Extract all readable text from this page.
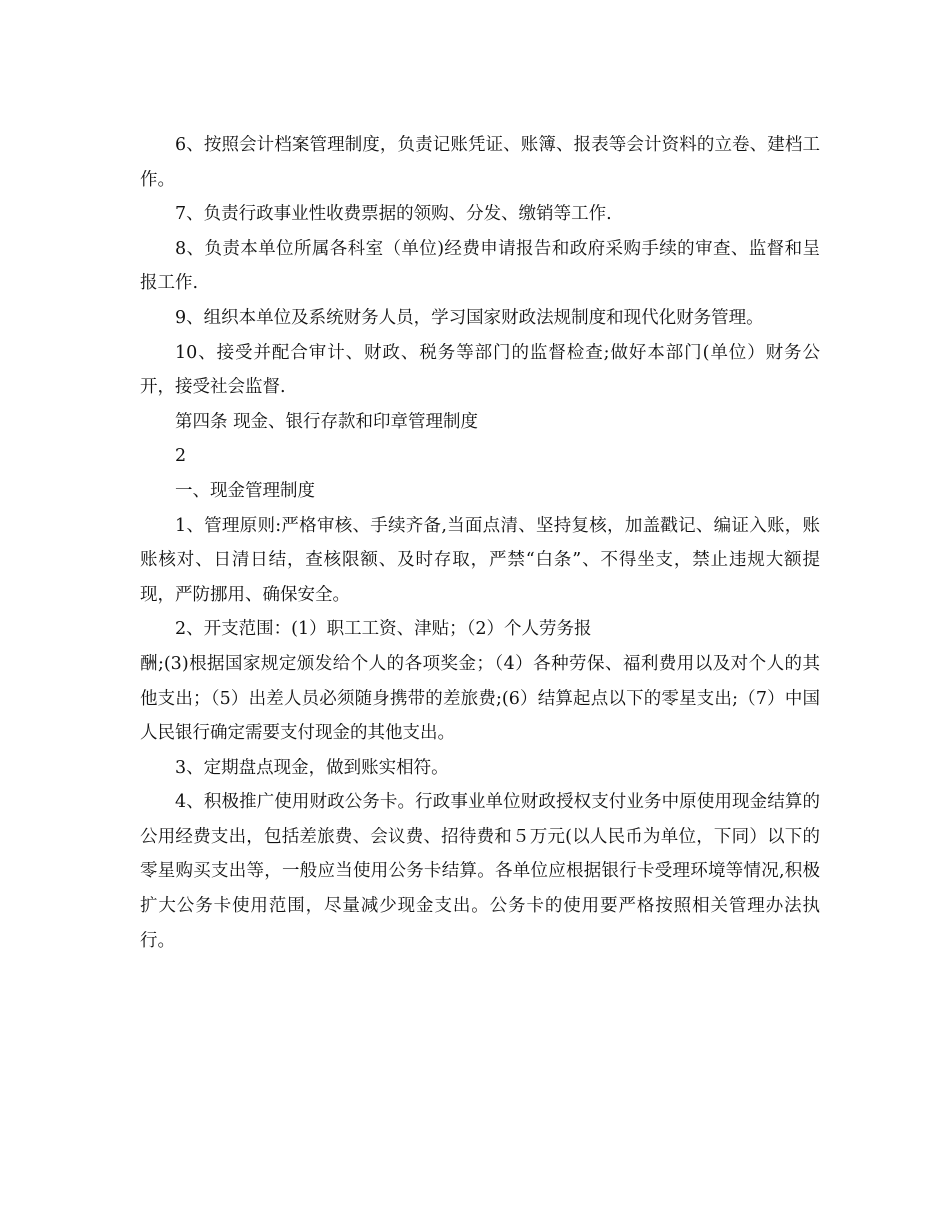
6、按照会计档案管理制度，负责记账凭证、账簿、报表等会计资料的立卷、建档工作。

7、负责行政事业性收费票据的领购、分发、缴销等工作.

8、负责本单位所属各科室（单位)经费申请报告和政府采购手续的审查、监督和呈报工作.

9、组织本单位及系统财务人员，学习国家财政法规制度和现代化财务管理。

10、接受并配合审计、财政、税务等部门的监督检查;做好本部门(单位）财务公开，接受社会监督.

第四条 现金、银行存款和印章管理制度

2

一、现金管理制度

1、管理原则:严格审核、手续齐备,当面点清、坚持复核，加盖戳记、编证入账，账账核对、日清日结，查核限额、及时存取，严禁“白条”、不得坐支，禁止违规大额提现，严防挪用、确保安全。

2、开支范围：(1）职工工资、津贴；（2）个人劳务报

酬;(3)根据国家规定颁发给个人的各项奖金；（4）各种劳保、福利费用以及对个人的其他支出；（5）出差人员必须随身携带的差旅费;(6）结算起点以下的零星支出;（7）中国人民银行确定需要支付现金的其他支出。

3、定期盘点现金，做到账实相符。

4、积极推广使用财政公务卡。行政事业单位财政授权支付业务中原使用现金结算的公用经费支出，包括差旅费、会议费、招待费和５万元(以人民币为单位，下同）以下的零星购买支出等，一般应当使用公务卡结算。各单位应根据银行卡受理环境等情况,积极扩大公务卡使用范围，尽量减少现金支出。公务卡的使用要严格按照相关管理办法执行。
